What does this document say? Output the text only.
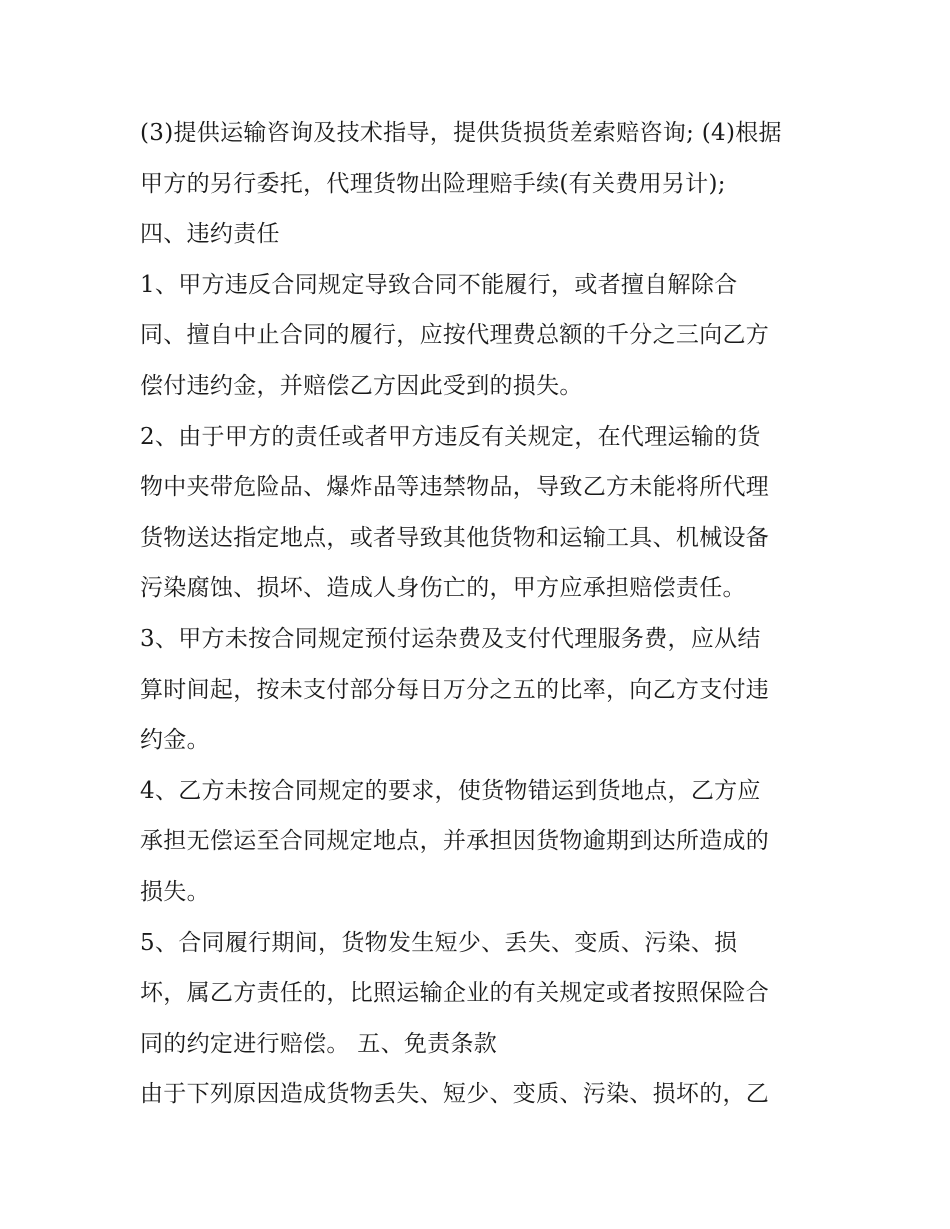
(3)提供运输咨询及技术指导，提供货损货差索赔咨询; (4)根据
甲方的另行委托，代理货物出险理赔手续(有关费用另计);
四、违约责任
1、甲方违反合同规定导致合同不能履行，或者擅自解除合
同、擅自中止合同的履行，应按代理费总额的千分之三向乙方
偿付违约金，并赔偿乙方因此受到的损失。
2、由于甲方的责任或者甲方违反有关规定，在代理运输的货
物中夹带危险品、爆炸品等违禁物品，导致乙方未能将所代理
货物送达指定地点，或者导致其他货物和运输工具、机械设备
污染腐蚀、损坏、造成人身伤亡的，甲方应承担赔偿责任。
3、甲方未按合同规定预付运杂费及支付代理服务费，应从结
算时间起，按未支付部分每日万分之五的比率，向乙方支付违
约金。
4、乙方未按合同规定的要求，使货物错运到货地点，乙方应
承担无偿运至合同规定地点，并承担因货物逾期到达所造成的
损失。
5、合同履行期间，货物发生短少、丢失、变质、污染、损
坏，属乙方责任的，比照运输企业的有关规定或者按照保险合
同的约定进行赔偿。 五、免责条款
由于下列原因造成货物丢失、短少、变质、污染、损坏的，乙
